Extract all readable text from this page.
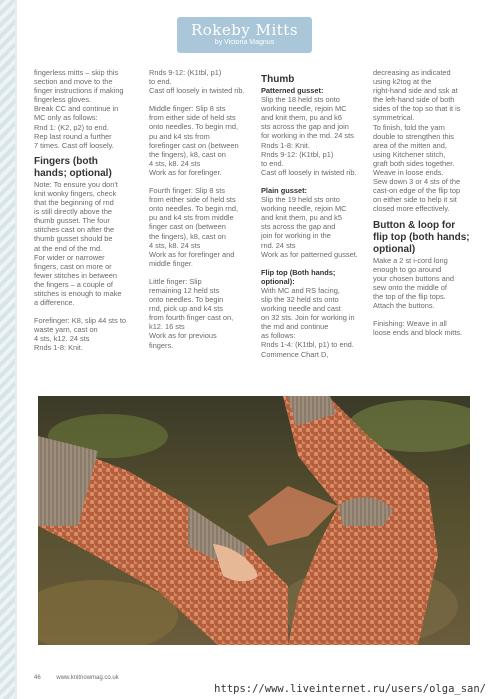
Rokeby Mitts
by Victoria Magnus

fingerless mitts – skip this

section and move to the

finger instructions if making

fingerless gloves.

Break CC and continue in

MC only as follows:

Rnd 1: (K2, p2) to end.

Rep last round a further

7 times. Cast off loosely.

Fingers (both

hands; optional)

Note: To ensure you don't

knit wonky fingers, check

that the beginning of rnd

is still directly above the

thumb gusset. The four

stitches cast on after the

thumb gusset should be

at the end of the rnd.

For wider or narrower

fingers, cast on more or

fewer stitches in between

the fingers – a couple of

stitches is enough to make

a difference.

Forefinger: K8, slip 44 sts to

waste yarn, cast on

4 sts, k12. 24 sts

Rnds 1-8: Knit.

Rnds 9-12: (K1tbl, p1)

to end.

Cast off loosely in twisted rib.

Middle finger: Slip 8 sts

from either side of held sts

onto needles. To begin rnd,

pu and k4 sts from

forefinger cast on (between

the fingers), k8, cast on

4 sts, k8. 24 sts

Work as for forefinger.

Fourth finger: Slip 8 sts

from either side of held sts

onto needles. To begin rnd,

pu and k4 sts from middle

finger cast on (between

the fingers), k8, cast on

4 sts, k8. 24 sts

Work as for forefinger and

middle finger.

Little finger: Slip

remaining 12 held sts

onto needles. To begin

rnd, pick up and k4 sts

from fourth finger cast on,

k12. 16 sts

Work as for previous

fingers.

Thumb

Patterned gusset:

Slip the 18 held sts onto

working needle, rejoin MC

and knit them, pu and k6

sts across the gap and join

for working in the rnd. 24 sts

Rnds 1-8: Knit.

Rnds 9-12: (K1tbl, p1)

to end.

Cast off loosely in twisted rib.

Plain gusset:

Slip the 19 held sts onto

working needle, rejoin MC

and knit them, pu and k5

sts across the gap and

join for working in the

rnd. 24 sts

Work as for patterned gusset.

Flip top (Both hands;

optional):

With MC and RS facing,

slip the 32 held sts onto

working needle and cast

on 32 sts. Join for working in

the rnd and continue

as follows:

Rnds 1-4: (K1tbl, p1) to end.

Commence Chart D,

decreasing as indicated

using k2tog at the

right-hand side and ssk at

the left-hand side of both

sides of the top so that it is

symmetrical.

To finish, fold the yarn

double to strengthen this

area of the mitten and,

using Kitchener stitch,

graft both sides together.

Weave in loose ends.

Sew down 3 or 4 sts of the

cast-on edge of the flip top

on either side to help it sit

closed more effectively.

Button & loop for

flip top (both hands;

optional)

Make a 2 st i-cord long

enough to go around

your chosen buttons and

sew onto the middle of

the top of the flip tops.

Attach the buttons.

Finishing: Weave in all

loose ends and block mitts.

46	www.knitnowmag.co.uk
https://www.liveinternet.ru/users/olga_san/
